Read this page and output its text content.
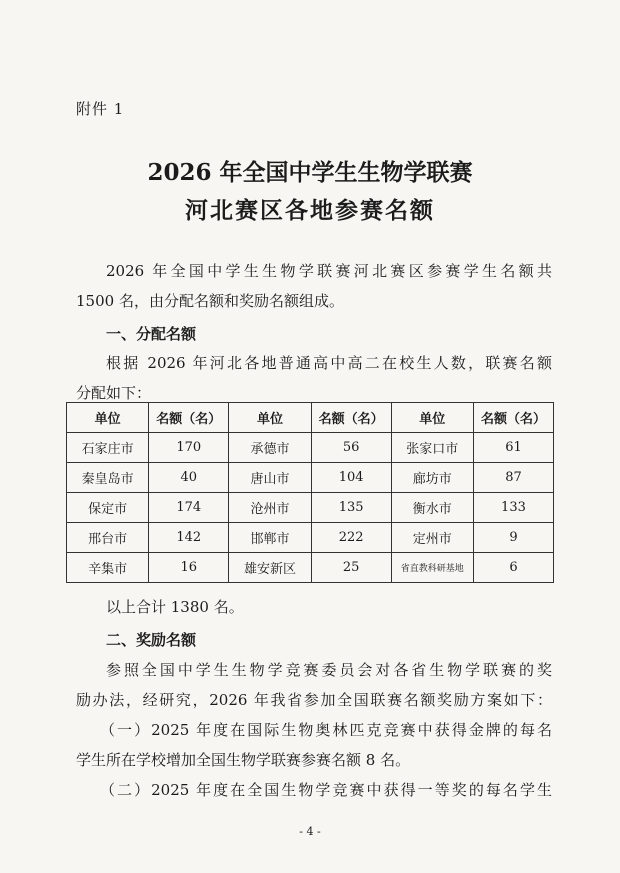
附件 1
2026 年全国中学生生物学联赛
河北赛区各地参赛名额
2026 年全国中学生生物学联赛河北赛区参赛学生名额共
1500 名，由分配名额和奖励名额组成。
一、分配名额
根据 2026 年河北各地普通高中高二在校生人数，联赛名额
分配如下：
单位	名额（名）	单位	名额（名）	单位	名额（名）
石家庄市	170	承德市	56	张家口市	61
秦皇岛市	40	唐山市	104	廊坊市	87
保定市	174	沧州市	135	衡水市	133
邢台市	142	邯郸市	222	定州市	9
辛集市	16	雄安新区	25	省直教科研基地	6
以上合计 1380 名。
二、奖励名额
参照全国中学生生物学竞赛委员会对各省生物学联赛的奖
励办法，经研究，2026 年我省参加全国联赛名额奖励方案如下：
（一）2025 年度在国际生物奥林匹克竞赛中获得金牌的每名
学生所在学校增加全国生物学联赛参赛名额 8 名。
（二）2025 年度在全国生物学竞赛中获得一等奖的每名学生
- 4 -
